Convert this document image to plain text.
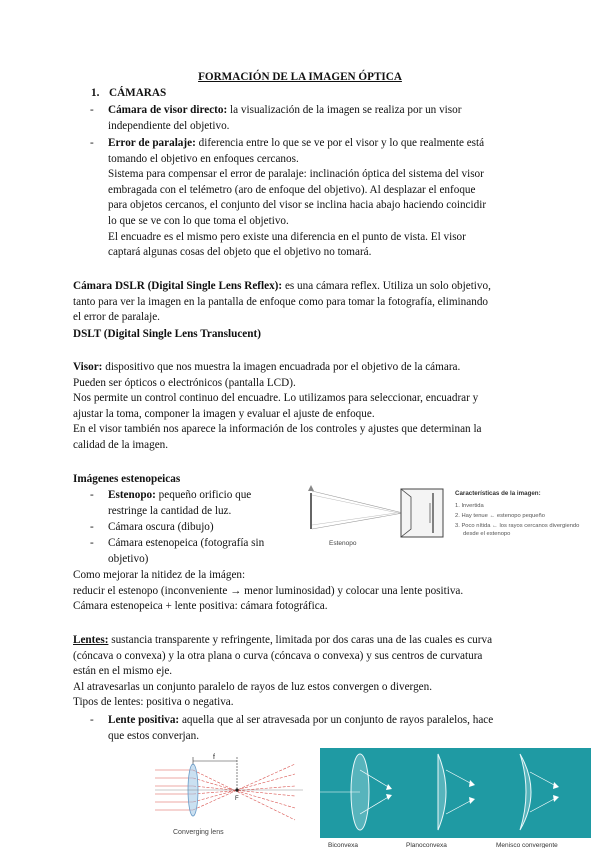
FORMACIÓN DE LA IMAGEN ÓPTICA
1. CÁMARAS
- Cámara de visor directo: la visualización de la imagen se realiza por un visor
independiente del objetivo.
- Error de paralaje: diferencia entre lo que se ve por el visor y lo que realmente está
tomando el objetivo en enfoques cercanos.
Sistema para compensar el error de paralaje: inclinación óptica del sistema del visor
embragada con el telémetro (aro de enfoque del objetivo). Al desplazar el enfoque
para objetos cercanos, el conjunto del visor se inclina hacia abajo haciendo coincidir
lo que se ve con lo que toma el objetivo.
El encuadre es el mismo pero existe una diferencia en el punto de vista. El visor
captará algunas cosas del objeto que el objetivo no tomará.
Cámara DSLR (Digital Single Lens Reflex): es una cámara reflex. Utiliza un solo objetivo,
tanto para ver la imagen en la pantalla de enfoque como para tomar la fotografía, eliminando
el error de paralaje.
DSLT (Digital Single Lens Translucent)
Visor: dispositivo que nos muestra la imagen encuadrada por el objetivo de la cámara.
Pueden ser ópticos o electrónicos (pantalla LCD).
Nos permite un control continuo del encuadre. Lo utilizamos para seleccionar, encuadrar y
ajustar la toma, componer la imagen y evaluar el ajuste de enfoque.
En el visor también nos aparece la información de los controles y ajustes que determinan la
calidad de la imagen.
Imágenes estenopeicas
- Estenopo: pequeño orificio que
restringe la cantidad de luz.
- Cámara oscura (dibujo)
- Cámara estenopeica (fotografía sin
objetivo)
Como mejorar la nitidez de la imágen:
reducir el estenopo (inconveniente → menor luminosidad) y colocar una lente positiva.
Cámara estenopeica + lente positiva: cámara fotográfica.
Estenopo
Características de la imagen:
1. Invertida
2. Hay tenue ← estenopo pequeño
3. Poco nítida ← los rayos cercanos divergiendo
desde el estenopo
Lentes: sustancia transparente y refringente, limitada por dos caras una de las cuales es curva
(cóncava o convexa) y la otra plana o curva (cóncava o convexa) y sus centros de curvatura
están en el mismo eje.
Al atravesarlas un conjunto paralelo de rayos de luz estos convergen o divergen.
Tipos de lentes: positiva o negativa.
- Lente positiva: aquella que al ser atravesada por un conjunto de rayos paralelos, hace
que estos converjan.
f
F
Converging lens
Biconvexa	Planoconvexa	Menisco convergente
